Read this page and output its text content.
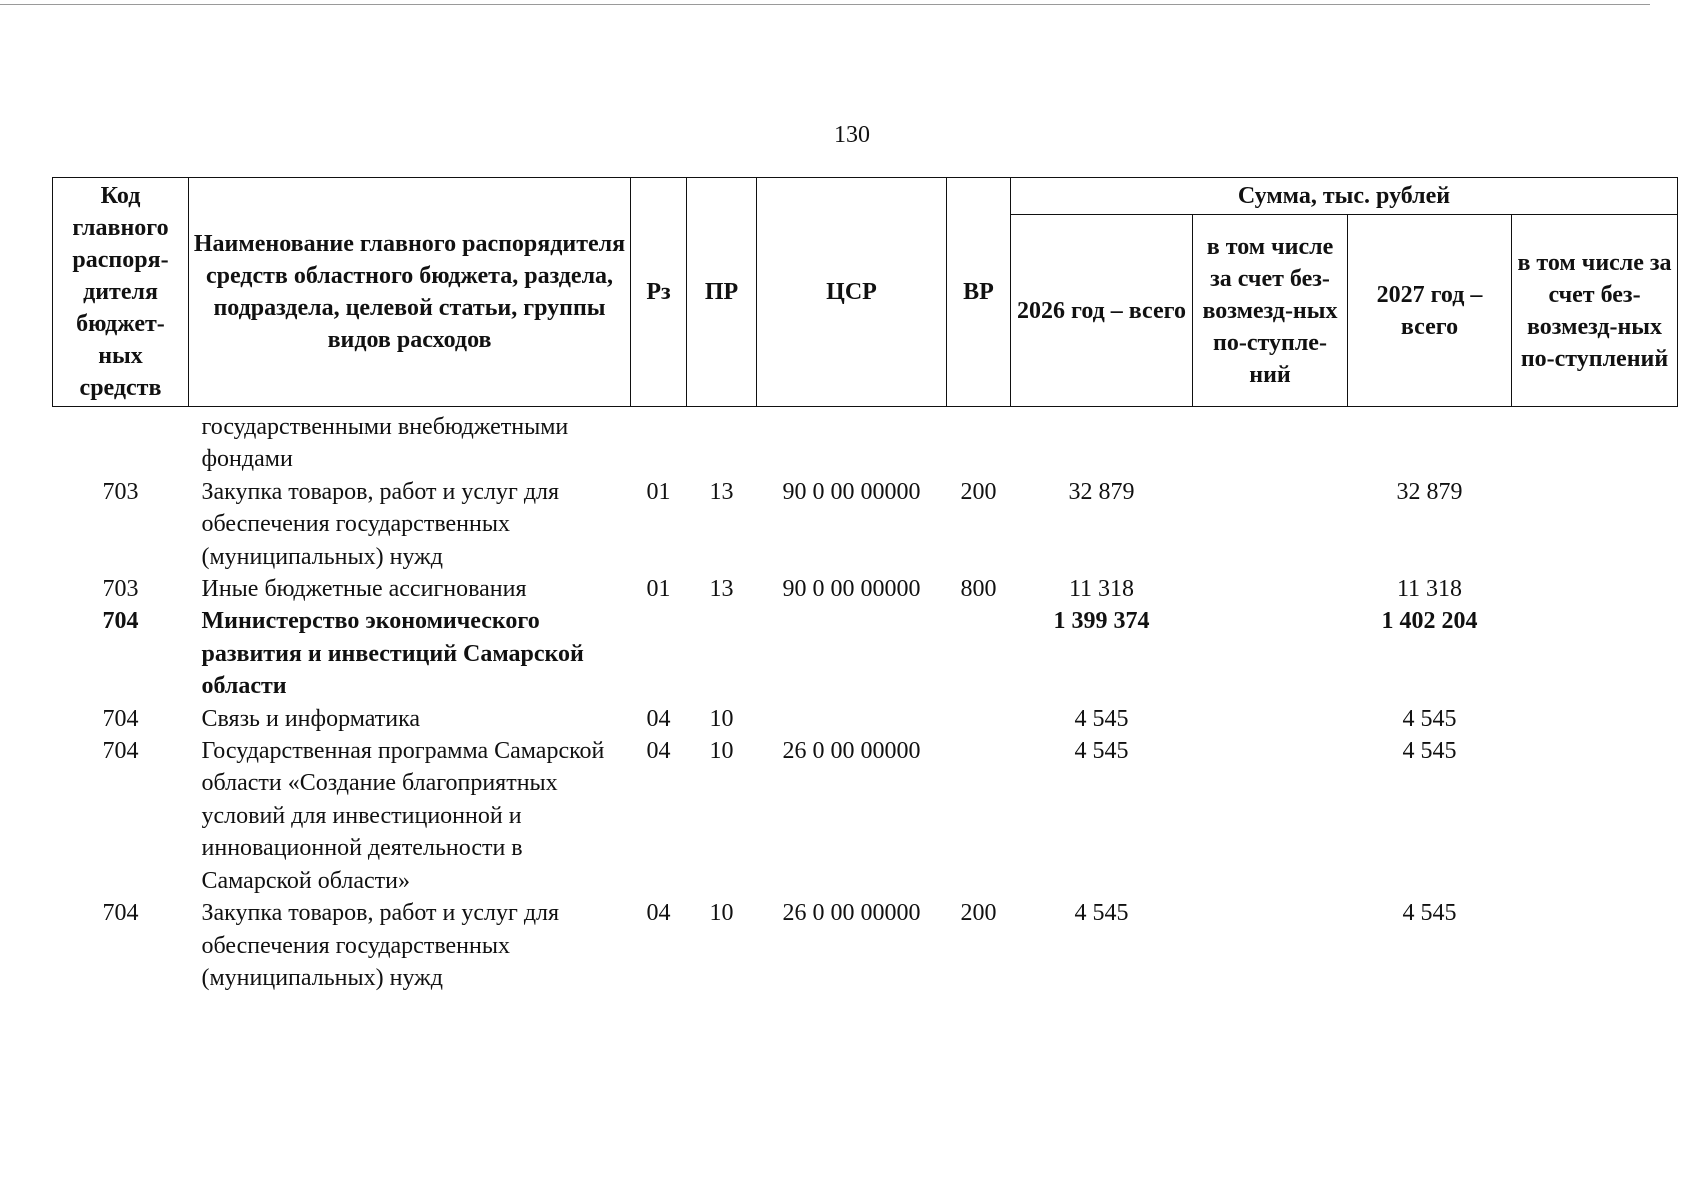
130
Код главного распоря-дителя бюджет-ных средств	Наименование главного распорядителя средств областного бюджета, раздела, подраздела, целевой статьи, группы видов расходов	Рз	ПР	ЦСР	ВР	Сумма, тыс. рублей			
						2026 год – всего	в том числе за счет без-возмезд-ных по-ступле-ний	2027 год – всего	в том числе за счет без-возмезд-ных по-ступлений
	государственными внебюджетными фондами								
703	Закупка товаров, работ и услуг для обеспечения государственных (муниципальных) нужд	01	13	90 0 00 00000	200	32 879		32 879	
703	Иные бюджетные ассигнования	01	13	90 0 00 00000	800	11 318		11 318	
704	Министерство экономического развития и инвестиций Самарской области					1 399 374		1 402 204	
704	Связь и информатика	04	10			4 545		4 545	
704	Государственная программа Самарской области «Создание благоприятных условий для инвестиционной и инновационной деятельности в Самарской области»	04	10	26 0 00 00000		4 545		4 545	
704	Закупка товаров, работ и услуг для обеспечения государственных (муниципальных) нужд	04	10	26 0 00 00000	200	4 545		4 545	
